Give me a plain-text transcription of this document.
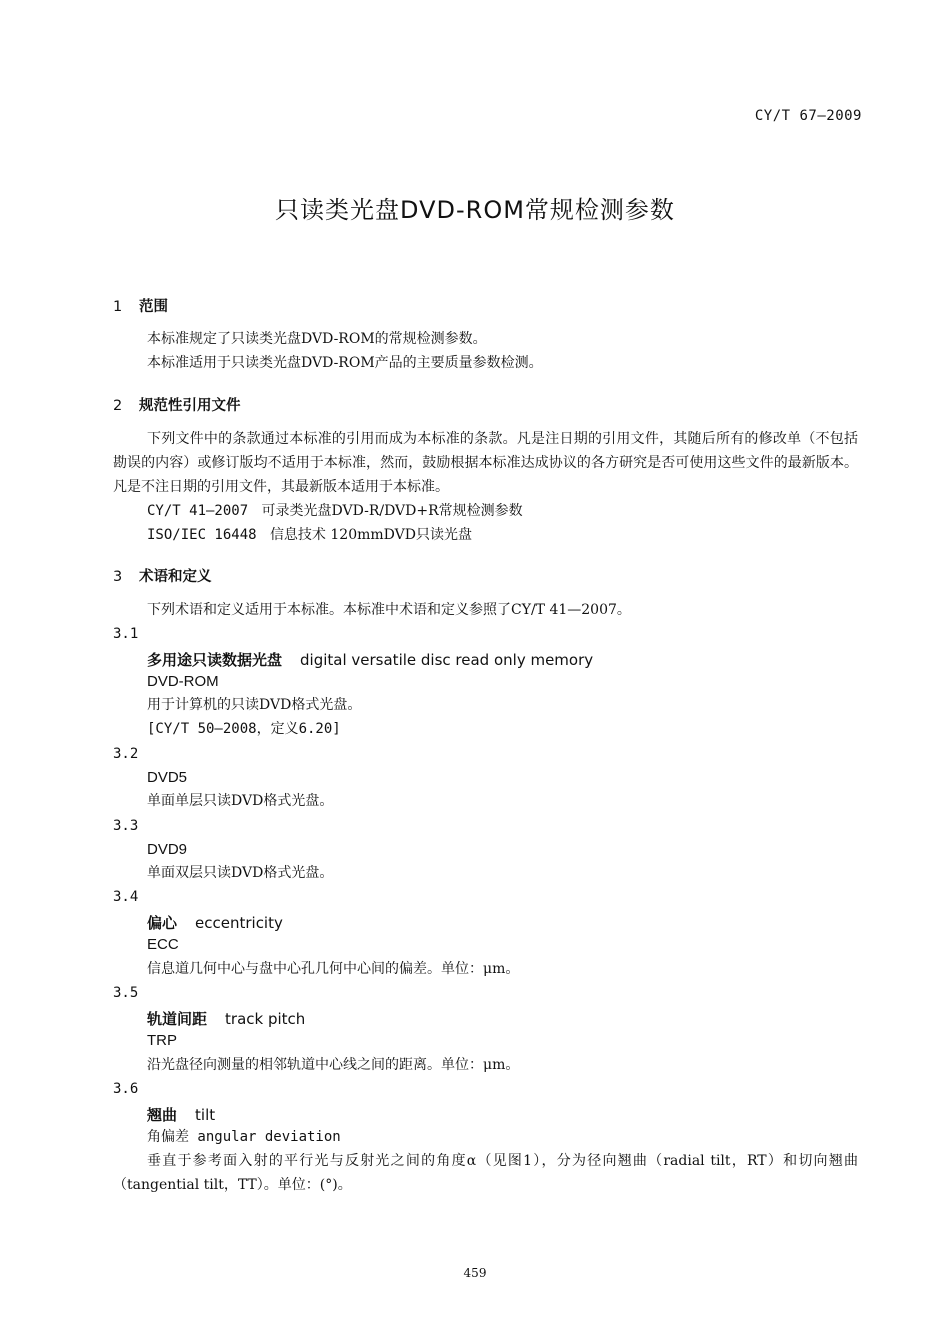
CY/T 67—2009
只读类光盘DVD-ROM常规检测参数
1 范围
本标准规定了只读类光盘DVD-ROM的常规检测参数。
本标准适用于只读类光盘DVD-ROM产品的主要质量参数检测。
2 规范性引用文件
下列文件中的条款通过本标准的引用而成为本标准的条款。凡是注日期的引用文件，其随后所有的修改单（不包括勘误的内容）或修订版均不适用于本标准，然而，鼓励根据本标准达成协议的各方研究是否可使用这些文件的最新版本。凡是不注日期的引用文件，其最新版本适用于本标准。
CY/T 41—2007 可录类光盘DVD-R/DVD+R常规检测参数
ISO/IEC 16448 信息技术 120mmDVD只读光盘
3 术语和定义
下列术语和定义适用于本标准。本标准中术语和定义参照了CY/T 41—2007。
3.1
多用途只读数据光盘 digital versatile disc read only memory
DVD-ROM
用于计算机的只读DVD格式光盘。
[CY/T 50—2008，定义6.20]
3.2
DVD5
单面单层只读DVD格式光盘。
3.3
DVD9
单面双层只读DVD格式光盘。
3.4
偏心 eccentricity
ECC
信息道几何中心与盘中心孔几何中心间的偏差。单位：μm。
3.5
轨道间距 track pitch
TRP
沿光盘径向测量的相邻轨道中心线之间的距离。单位：μm。
3.6
翘曲 tilt
角偏差 angular deviation
垂直于参考面入射的平行光与反射光之间的角度α（见图1），分为径向翘曲（radial tilt，RT）和切向翘曲（tangential tilt，TT）。单位：(°)。
459
